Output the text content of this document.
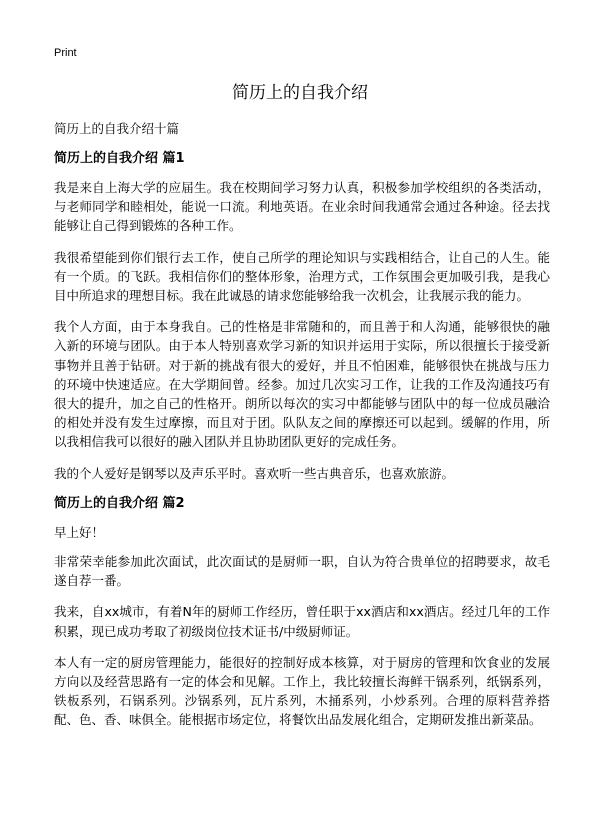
Print
简历上的自我介绍

简历上的自我介绍十篇

简历上的自我介绍 篇1

我是来自上海大学的应届生。我在校期间学习努力认真，积极参加学校组织的各类活动，与老师同学和睦相处，能说一口流。利地英语。在业余时间我通常会通过各种途。径去找能够让自己得到锻炼的各种工作。

我很希望能到你们银行去工作，使自己所学的理论知识与实践相结合，让自己的人生。能有一个质。的飞跃。我相信你们的整体形象，治理方式，工作氛围会更加吸引我，是我心目中所追求的理想目标。我在此诚恳的请求您能够给我一次机会，让我展示我的能力。

我个人方面，由于本身我自。己的性格是非常随和的，而且善于和人沟通，能够很快的融入新的环境与团队。由于本人特别喜欢学习新的知识并运用于实际，所以很擅长于接受新事物并且善于钻研。对于新的挑战有很大的爱好，并且不怕困难，能够很快在挑战与压力的环境中快速适应。在大学期间曾。经参。加过几次实习工作，让我的工作及沟通技巧有很大的提升，加之自己的性格开。朗所以每次的实习中都能够与团队中的每一位成员融洽的相处并没有发生过摩擦，而且对于团。队队友之间的摩擦还可以起到。缓解的作用，所以我相信我可以很好的融入团队并且协助团队更好的完成任务。

我的个人爱好是钢琴以及声乐平时。喜欢听一些古典音乐，也喜欢旅游。

简历上的自我介绍 篇2

早上好！

非常荣幸能参加此次面试，此次面试的是厨师一职，自认为符合贵单位的招聘要求，故毛遂自荐一番。

我来，自xx城市，有着N年的厨师工作经历，曾任职于xx酒店和xx酒店。经过几年的工作积累，现已成功考取了初级岗位技术证书/中级厨师证。

本人有一定的厨房管理能力，能很好的控制好成本核算，对于厨房的管理和饮食业的发展方向以及经营思路有一定的体会和见解。工作上，我比较擅长海鲜干锅系列，纸锅系列，铁板系列，石锅系列。沙锅系列，瓦片系列，木捅系列，小炒系列。合理的原料营养搭配、色、香、味俱全。能根据市场定位，将餐饮出品发展化组合，定期研发推出新菜品。
